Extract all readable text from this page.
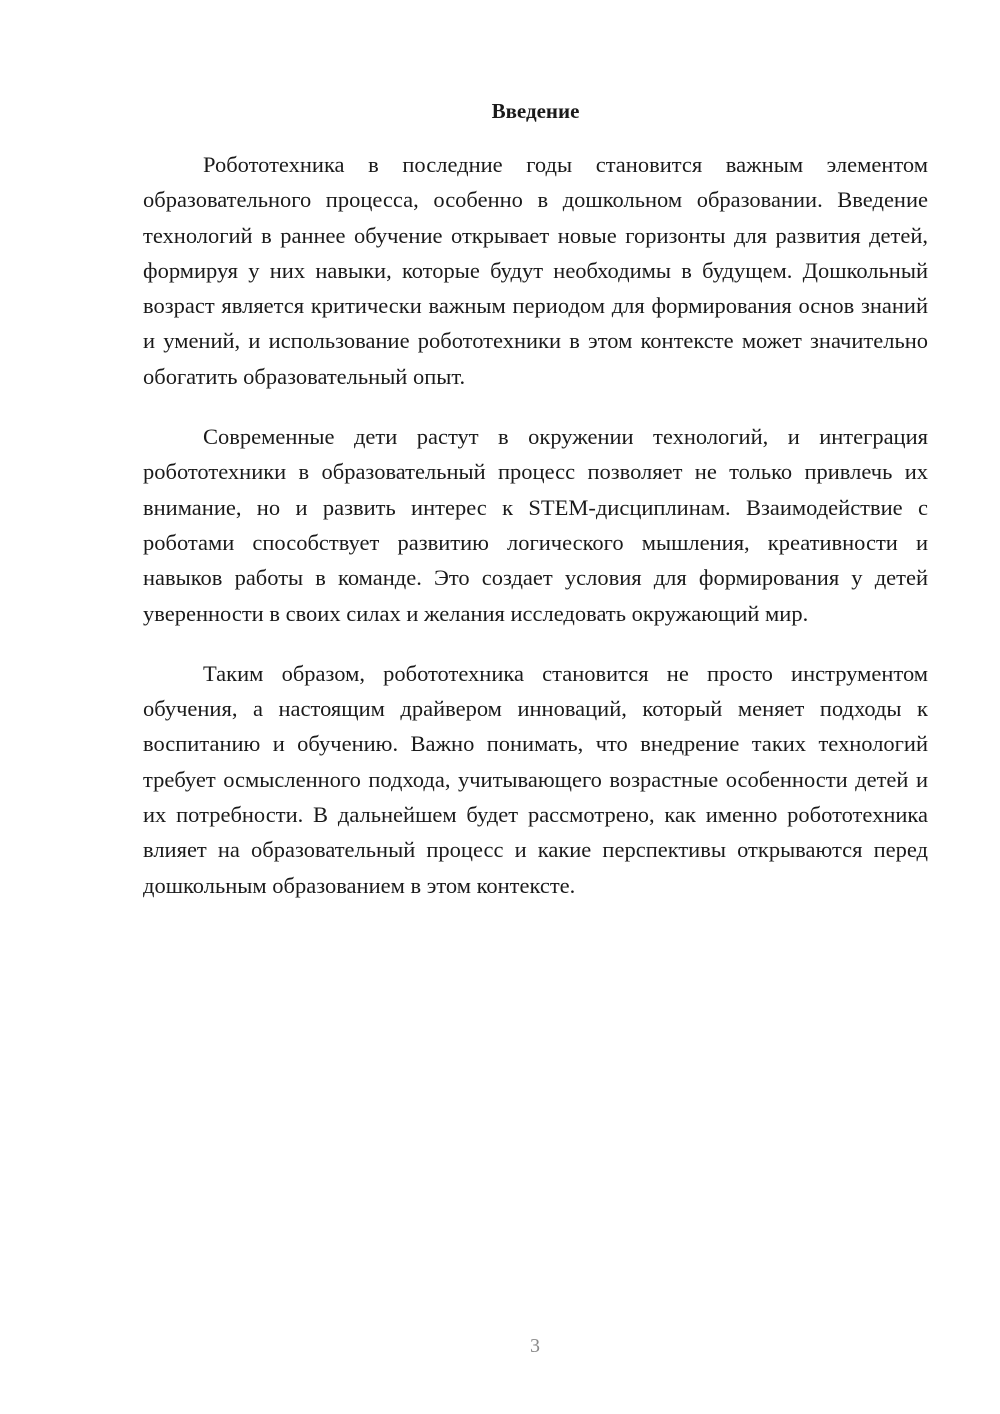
Введение

Робототехника в последние годы становится важным элементом образовательного процесса, особенно в дошкольном образовании. Введение технологий в раннее обучение открывает новые горизонты для развития детей, формируя у них навыки, которые будут необходимы в будущем. Дошкольный возраст является критически важным периодом для формирования основ знаний и умений, и использование робототехники в этом контексте может значительно обогатить образовательный опыт.

Современные дети растут в окружении технологий, и интеграция робототехники в образовательный процесс позволяет не только привлечь их внимание, но и развить интерес к STEM-дисциплинам. Взаимодействие с роботами способствует развитию логического мышления, креативности и навыков работы в команде. Это создает условия для формирования у детей уверенности в своих силах и желания исследовать окружающий мир.

Таким образом, робототехника становится не просто инструментом обучения, а настоящим драйвером инноваций, который меняет подходы к воспитанию и обучению. Важно понимать, что внедрение таких технологий требует осмысленного подхода, учитывающего возрастные особенности детей и их потребности. В дальнейшем будет рассмотрено, как именно робототехника влияет на образовательный процесс и какие перспективы открываются перед дошкольным образованием в этом контексте.

3
